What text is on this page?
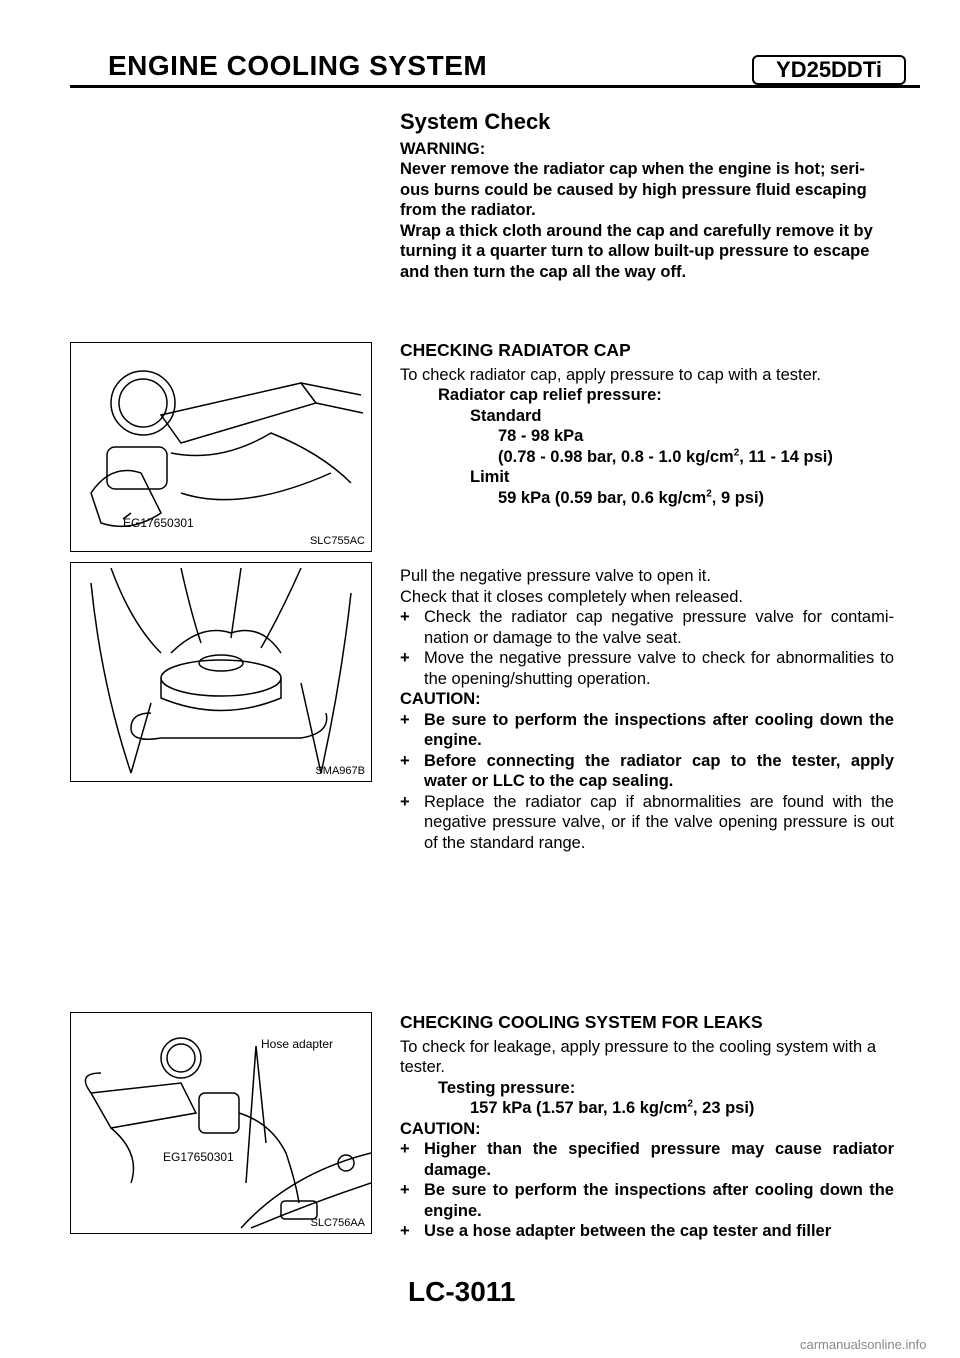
ENGINE COOLING SYSTEM	YD25DDTi

System Check

WARNING:

Never remove the radiator cap when the engine is hot; seri-

ous burns could be caused by high pressure fluid escaping

from the radiator.

Wrap a thick cloth around the cap and carefully remove it by

turning it a quarter turn to allow built-up pressure to escape

and then turn the cap all the way off.

EG17650301
SLC755AC

CHECKING RADIATOR CAP

To check radiator cap, apply pressure to cap with a tester.

Radiator cap relief pressure:

Standard

78 - 98 kPa

(0.78 - 0.98 bar, 0.8 - 1.0 $kg/cm^2$, 11 - 14 psi)

Limit

59 kPa (0.59 bar, 0.6 $kg/cm^2$, 9 psi)

SMA967B

Pull the negative pressure valve to open it.

Check that it closes completely when released.

+ Check the radiator cap negative pressure valve for contami-nation or damage to the valve seat.
+ Move the negative pressure valve to check for abnormalities to the opening/shutting operation.

CAUTION:

+ Be sure to perform the inspections after cooling down the engine.
+ Before connecting the radiator cap to the tester, apply water or LLC to the cap sealing.
+ Replace the radiator cap if abnormalities are found with the negative pressure valve, or if the valve opening pressure is out of the standard range.
Hose adapter
EG17650301
SLC756AA

CHECKING COOLING SYSTEM FOR LEAKS

To check for leakage, apply pressure to the cooling system with a tester.

Testing pressure:

157 kPa (1.57 bar, 1.6 $kg/cm^2$, 23 psi)

CAUTION:

+ Higher than the specified pressure may cause radiator damage.
+ Be sure to perform the inspections after cooling down the engine.
+ Use a hose adapter between the cap tester and filler
LC-3011
carmanualsonline.info
